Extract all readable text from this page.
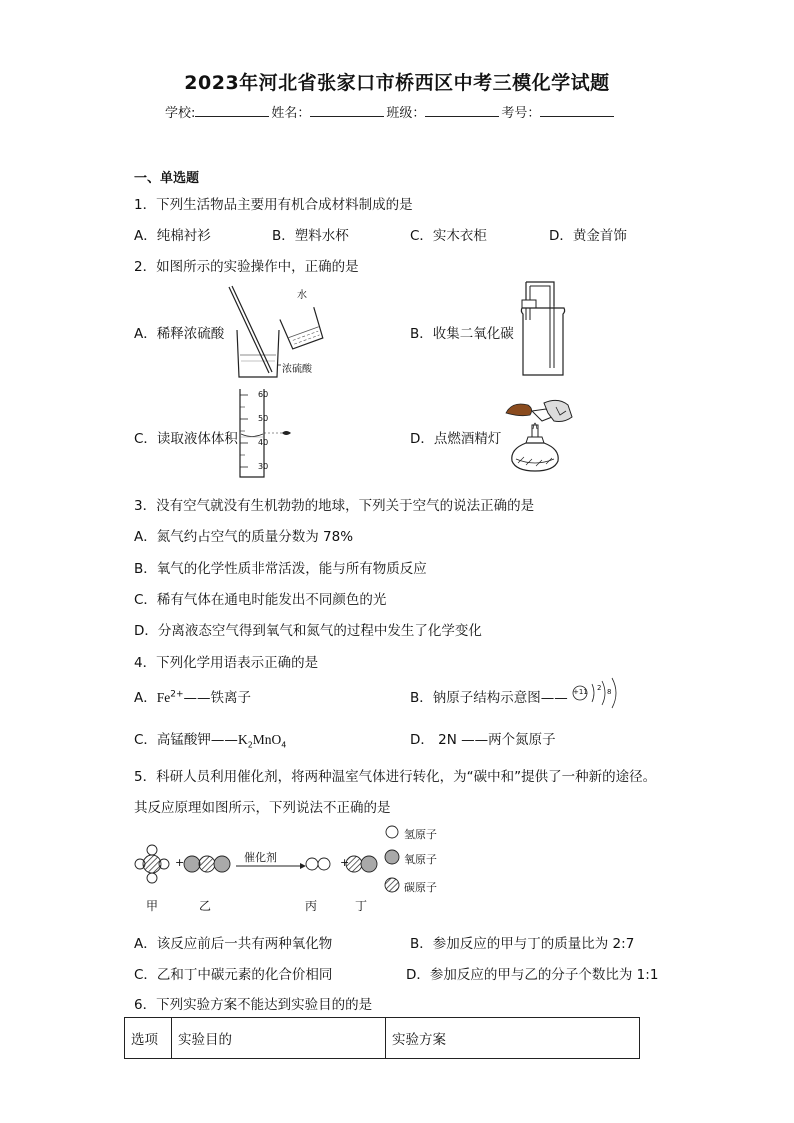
2023年河北省张家口市桥西区中考三模化学试题
学校:	姓名：	班级：	考号：
一、单选题
1．下列生活物品主要用有机合成材料制成的是
A．纯棉衬衫	B．塑料水杯	C．实木衣柜	D．黄金首饰
2．如图所示的实验操作中，正确的是
A．稀释浓硫酸
水
浓硫酸
B．收集二氧化碳
C．读取液体体积
60
50
40
30
D．点燃酒精灯
3．没有空气就没有生机勃勃的地球，下列关于空气的说法正确的是
A．氮气约占空气的质量分数为 78%
B．氧气的化学性质非常活泼，能与所有物质反应
C．稀有气体在通电时能发出不同颜色的光
D．分离液态空气得到氧气和氮气的过程中发生了化学变化
4．下列化学用语表示正确的是
A．$Fe^{2+}——$铁离子	B．钠原子结构示意图—— +11 2 8
C．高锰酸钾$——K_2MnO_4$	D． 2N ——两个氮原子
5．科研人员利用催化剂，将两种温室气体进行转化，为“碳中和”提供了一种新的途径。
其反应原理如图所示，下列说法不正确的是
+	+
催化剂
氢原子
氧原子
碳原子
甲	乙	丙	丁
A．该反应前后一共有两种氧化物	B．参加反应的甲与丁的质量比为 2:7
C．乙和丁中碳元素的化合价相同	D．参加反应的甲与乙的分子个数比为 1:1
6．下列实验方案不能达到实验目的的是
选项	实验目的	实验方案
